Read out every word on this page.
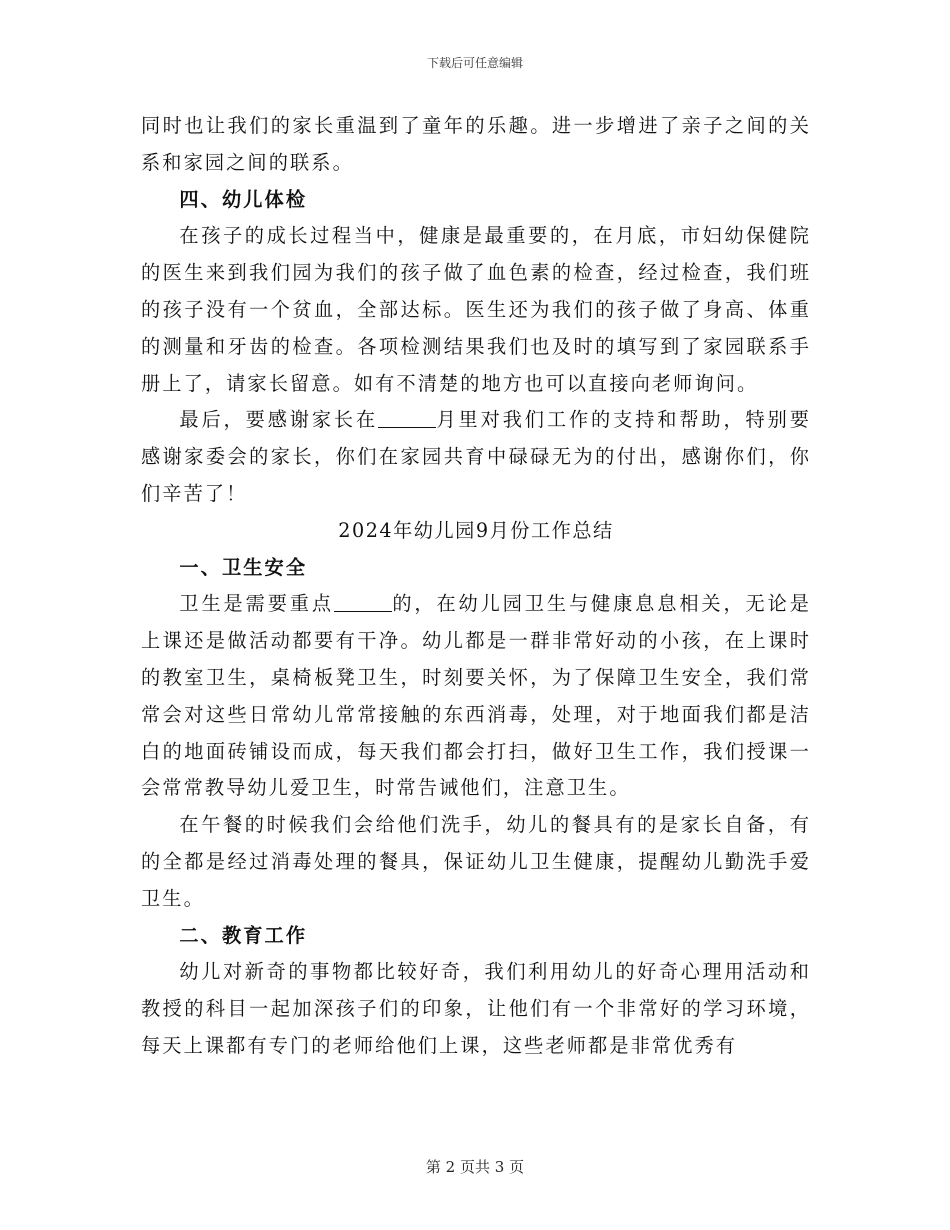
下载后可任意编辑

同时也让我们的家长重温到了童年的乐趣。进一步增进了亲子之间的关系和家园之间的联系。

四、幼儿体检

在孩子的成长过程当中，健康是最重要的，在月底，市妇幼保健院的医生来到我们园为我们的孩子做了血色素的检查，经过检查，我们班的孩子没有一个贫血，全部达标。医生还为我们的孩子做了身高、体重的测量和牙齿的检查。各项检测结果我们也及时的填写到了家园联系手册上了，请家长留意。如有不清楚的地方也可以直接向老师询问。

最后，要感谢家长在	月里对我们工作的支持和帮助，特别要感谢家委会的家长，你们在家园共育中碌碌无为的付出，感谢你们，你们辛苦了！

2024年幼儿园9月份工作总结
一、卫生安全

卫生是需要重点	的，在幼儿园卫生与健康息息相关，无论是上课还是做活动都要有干净。幼儿都是一群非常好动的小孩，在上课时的教室卫生，桌椅板凳卫生，时刻要关怀，为了保障卫生安全，我们常常会对这些日常幼儿常常接触的东西消毒，处理，对于地面我们都是洁白的地面砖铺设而成，每天我们都会打扫，做好卫生工作，我们授课一会常常教导幼儿爱卫生，时常告诫他们，注意卫生。

在午餐的时候我们会给他们洗手，幼儿的餐具有的是家长自备，有的全都是经过消毒处理的餐具，保证幼儿卫生健康，提醒幼儿勤洗手爱卫生。

二、教育工作

幼儿对新奇的事物都比较好奇，我们利用幼儿的好奇心理用活动和教授的科目一起加深孩子们的印象，让他们有一个非常好的学习环境，每天上课都有专门的老师给他们上课，这些老师都是非常优秀有

第 2 页共 3 页
